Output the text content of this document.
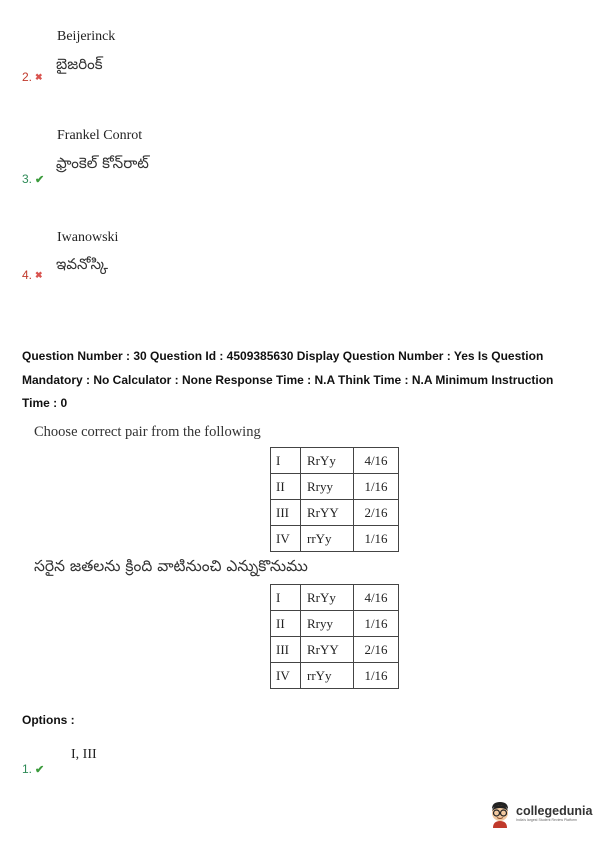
Beijerinck
2. ✖
బైజరింక్
Frankel Conrot
3. ✔
ఫ్రాంకెల్ కోన్‌రాట్
Iwanowski
4. ✖
ఇవనోస్కి
Question Number : 30 Question Id : 4509385630 Display Question Number : Yes Is Question
Mandatory : No Calculator : None Response Time : N.A Think Time : N.A Minimum Instruction
Time : 0
Choose correct pair from the following
I	RrYy	4/16
II	Rryy	1/16
III	RrYY	2/16
IV	rrYy	1/16
సరైన జతలను క్రింది వాటినుంచి ఎన్నుకొనుము
I	RrYy	4/16
II	Rryy	1/16
III	RrYY	2/16
IV	rrYy	1/16
Options :
I, III
1. ✔
collegedunia
India's largest Student Review Platform
